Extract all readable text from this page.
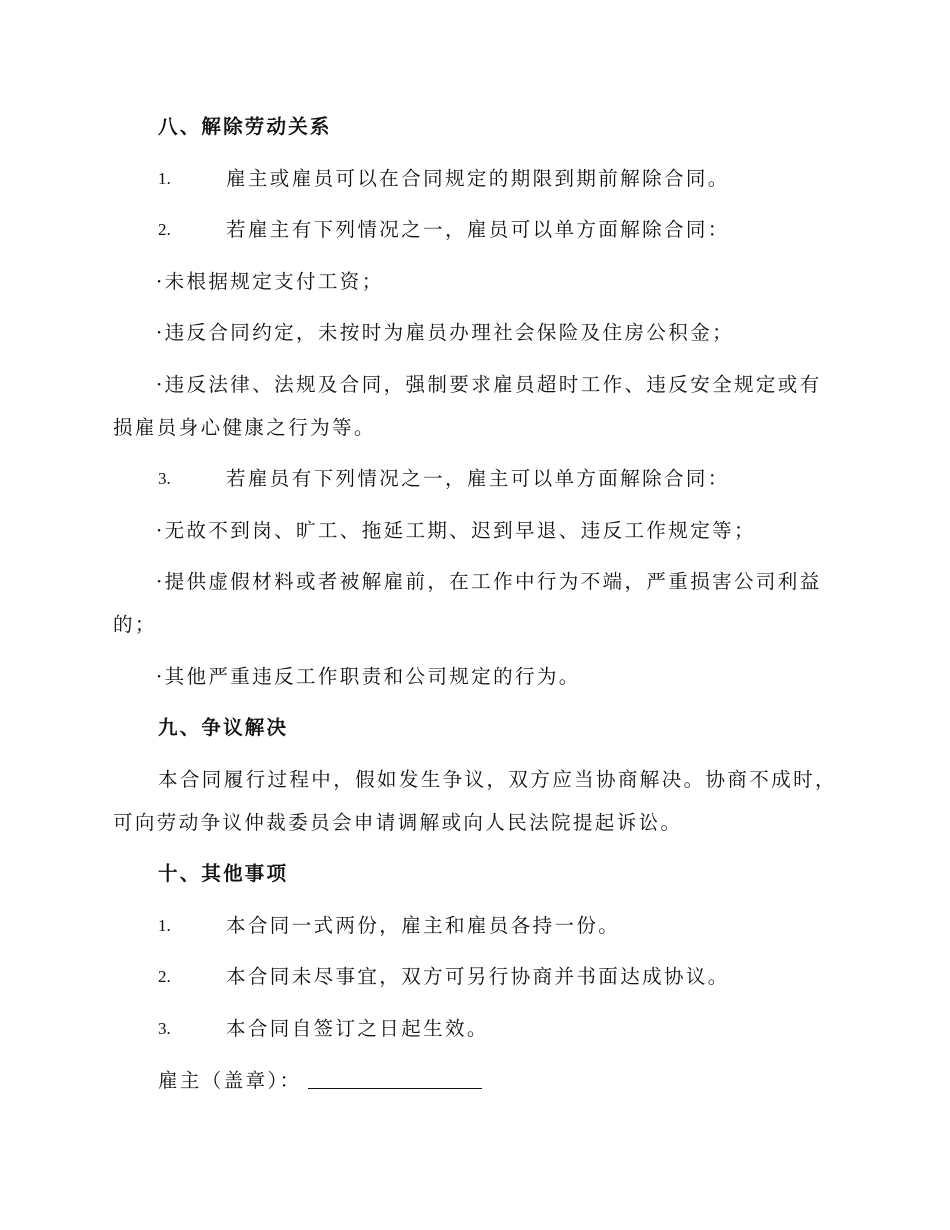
八、解除劳动关系
1.	雇主或雇员可以在合同规定的期限到期前解除合同。
2.	若雇主有下列情况之一，雇员可以单方面解除合同：
·未根据规定支付工资；
·违反合同约定，未按时为雇员办理社会保险及住房公积金；
·违反法律、法规及合同，强制要求雇员超时工作、违反安全规定或有
损雇员身心健康之行为等。
3.	若雇员有下列情况之一，雇主可以单方面解除合同：
·无故不到岗、旷工、拖延工期、迟到早退、违反工作规定等；
·提供虚假材料或者被解雇前，在工作中行为不端，严重损害公司利益
的；
·其他严重违反工作职责和公司规定的行为。
九、争议解决
本合同履行过程中，假如发生争议，双方应当协商解决。协商不成时，
可向劳动争议仲裁委员会申请调解或向人民法院提起诉讼。
十、其他事项
1.	本合同一式两份，雇主和雇员各持一份。
2.	本合同未尽事宜，双方可另行协商并书面达成协议。
3.	本合同自签订之日起生效。
雇主（盖章）：
